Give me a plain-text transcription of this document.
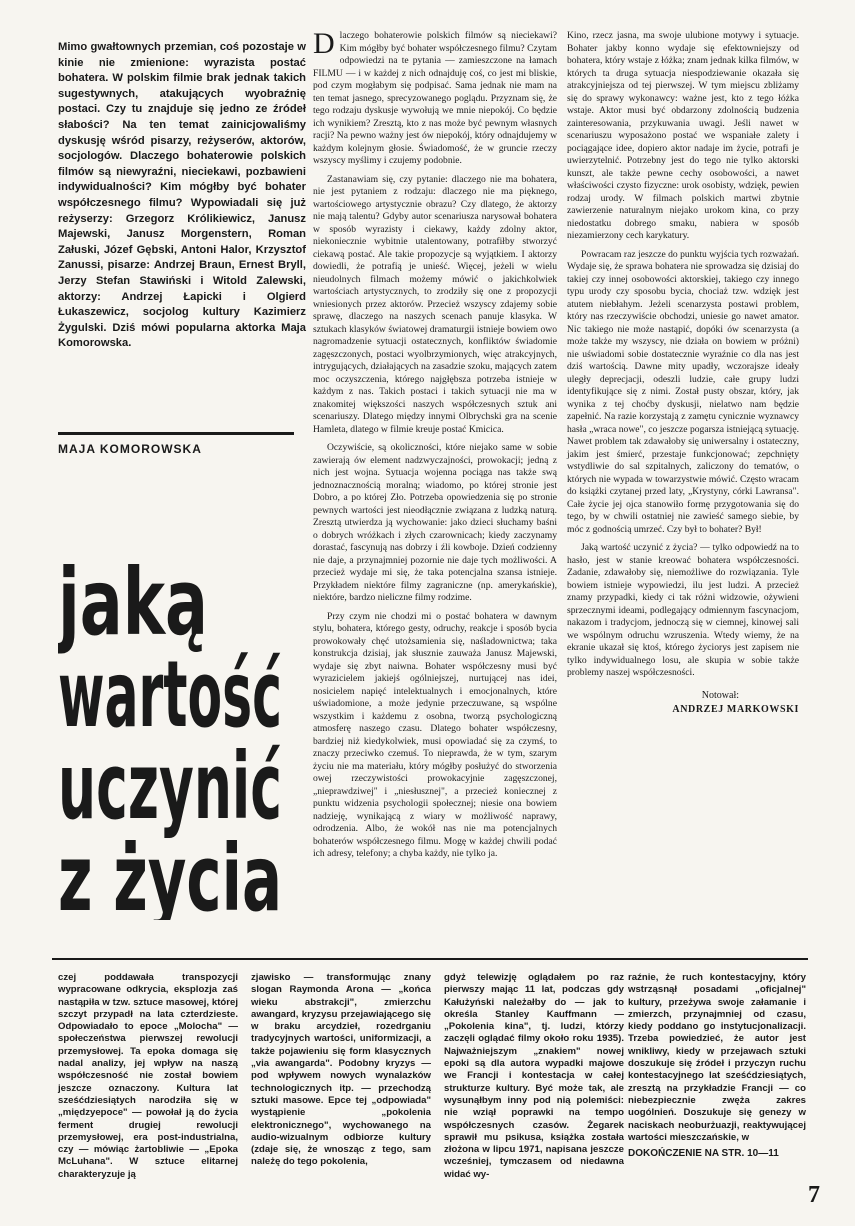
Mimo gwałtownych przemian, coś pozostaje w kinie nie zmienione: wyrazista postać bohatera. W polskim filmie brak jednak takich sugestywnych, atakujących wyobraźnię postaci. Czy tu znajduje się jedno ze źródeł słabości? Na ten temat zainicjowaliśmy dyskusję wśród pisarzy, reżyserów, aktorów, socjologów. Dlaczego bohaterowie polskich filmów są niewyraźni, nieciekawi, pozbawieni indywidualności? Kim mógłby być bohater współczesnego filmu? Wypowiadali się już reżyserzy: Grzegorz Królikiewicz, Janusz Majewski, Janusz Morgenstern, Roman Załuski, Józef Gębski, Antoni Halor, Krzysztof Zanussi, pisarze: Andrzej Braun, Ernest Bryll, Jerzy Stefan Stawiński i Witold Zalewski, aktorzy: Andrzej Łapicki i Olgierd Łukaszewicz, socjolog kultury Kazimierz Żygulski. Dziś mówi popularna aktorka Maja Komorowska.
MAJA KOMOROWSKA
jaką
wartość
uczynić
z życia

Dlaczego bohaterowie polskich filmów są nieciekawi? Kim mógłby być bohater współczesnego filmu? Czytam odpowiedzi na te pytania — zamieszczone na łamach FILMU — i w każdej z nich odnajduję coś, co jest mi bliskie, pod czym mogłabym się podpisać. Sama jednak nie mam na ten temat jasnego, sprecyzowanego poglądu. Przyznam się, że tego rodzaju dyskusje wywołują we mnie niepokój. Co będzie ich wynikiem? Zresztą, kto z nas może być pewnym własnych racji? Na pewno ważny jest ów niepokój, który odnajdujemy w każdym kolejnym głosie. Świadomość, że w gruncie rzeczy wszyscy myślimy i czujemy podobnie.

Zastanawiam się, czy pytanie: dlaczego nie ma bohatera, nie jest pytaniem z rodzaju: dlaczego nie ma pięknego, wartościowego artystycznie obrazu? Czy dlatego, że aktorzy nie mają talentu? Gdyby autor scenariusza narysował bohatera w sposób wyrazisty i ciekawy, każdy zdolny aktor, niekoniecznie wybitnie utalentowany, potrafiłby stworzyć ciekawą postać. Ale takie propozycje są wyjątkiem. I aktorzy dowiedli, że potrafią je unieść. Więcej, jeżeli w wielu nieudolnych filmach możemy mówić o jakichkolwiek wartościach artystycznych, to zrodziły się one z propozycji wniesionych przez aktorów. Przecież wszyscy zdajemy sobie sprawę, dlaczego na naszych scenach panuje klasyka. W sztukach klasyków światowej dramaturgii istnieje bowiem owo nagromadzenie sytuacji ostatecznych, konfliktów świadomie zagęszczonych, postaci wyolbrzymionych, więc atrakcyjnych, intrygujących, działających na zasadzie szoku, mających zatem moc oczyszczenia, którego najgłębsza potrzeba istnieje w każdym z nas. Takich postaci i takich sytuacji nie ma w znakomitej większości naszych współczesnych sztuk ani scenariuszy. Dlatego między innymi Olbrychski gra na scenie Hamleta, dlatego w filmie kreuje postać Kmicica.

Oczywiście, są okoliczności, które niejako same w sobie zawierają ów element nadzwyczajności, prowokacji; jedną z nich jest wojna. Sytuacja wojenna pociąga nas także swą jednoznacznością moralną; wiadomo, po której stronie jest Dobro, a po której Zło. Potrzeba opowiedzenia się po stronie pewnych wartości jest nieodłącznie związana z ludzką naturą. Zresztą utwierdza ją wychowanie: jako dzieci słuchamy baśni o dobrych wróżkach i złych czarownicach; kiedy zaczynamy dorastać, fascynują nas dobrzy i źli kowboje. Dzień codzienny nie daje, a przynajmniej pozornie nie daje tych możliwości. A przecież wydaje mi się, że taka potencjalna szansa istnieje. Przykładem niektóre filmy zagraniczne (np. amerykańskie), niektóre, bardzo nieliczne filmy rodzime.

Przy czym nie chodzi mi o postać bohatera w dawnym stylu, bohatera, którego gesty, odruchy, reakcje i sposób bycia prowokowały chęć utożsamienia się, naśladownictwa; taka konstrukcja dzisiaj, jak słusznie zauważa Janusz Majewski, wydaje się zbyt naiwna. Bohater współczesny musi być wyrazicielem jakiejś ogólniejszej, nurtującej nas idei, nosicielem napięć intelektualnych i emocjonalnych, które uświadomione, a może jedynie przeczuwane, są wspólne wszystkim i każdemu z osobna, tworzą psychologiczną atmosferę naszego czasu. Dlatego bohater współczesny, bardziej niż kiedykolwiek, musi opowiadać się za czymś, to znaczy przeciwko czemuś. To nieprawda, że w tym, szarym życiu nie ma materiału, który mógłby posłużyć do stworzenia owej rzeczywistości prowokacyjnie zagęszczonej, „nieprawdziwej" i „niesłusznej", a przecież koniecznej z punktu widzenia psychologii społecznej; niesie ona bowiem nadzieję, wynikającą z wiary w możliwość naprawy, odrodzenia. Albo, że wokół nas nie ma potencjalnych bohaterów współczesnego filmu. Mogę w każdej chwili podać ich adresy, telefony; a chyba każdy, nie tylko ja.

Kino, rzecz jasna, ma swoje ulubione motywy i sytuacje. Bohater jakby konno wydaje się efektowniejszy od bohatera, który wstaje z łóżka; znam jednak kilka filmów, w których ta druga sytuacja niespodziewanie okazała się atrakcyjniejsza od tej pierwszej. W tym miejscu zbliżamy się do sprawy wykonawcy: ważne jest, kto z tego łóżka wstaje. Aktor musi być obdarzony zdolnością budzenia zainteresowania, przykuwania uwagi. Jeśli nawet w scenariuszu wyposażono postać we wspaniałe zalety i pociągające idee, dopiero aktor nadaje im życie, potrafi je uwierzytelnić. Potrzebny jest do tego nie tylko aktorski kunszt, ale także pewne cechy osobowości, a nawet właściwości czysto fizyczne: urok osobisty, wdzięk, pewien rodzaj urody. W filmach polskich martwi zbytnie zawierzenie naturalnym niejako urokom kina, co przy niedostatku dobrego smaku, nabiera w sposób niezamierzony cech karykatury.

Powracam raz jeszcze do punktu wyjścia tych rozważań. Wydaje się, że sprawa bohatera nie sprowadza się dzisiaj do takiej czy innej osobowości aktorskiej, takiego czy innego typu urody czy sposobu bycia, chociaż tzw. wdzięk jest atutem niebłahym. Jeżeli scenarzysta postawi problem, który nas rzeczywiście obchodzi, uniesie go nawet amator. Nic takiego nie może nastąpić, dopóki ów scenarzysta (a może także my wszyscy, nie działa on bowiem w próżni) nie uświadomi sobie dostatecznie wyraźnie co dla nas jest dziś wartością. Dawne mity upadły, wczorajsze ideały uległy deprecjacji, odeszli ludzie, całe grupy ludzi identyfikujące się z nimi. Został pusty obszar, który, jak wynika z tej choćby dyskusji, nielatwo nam będzie zapełnić. Na razie korzystają z zamętu cynicznie wyznawcy hasła „wraca nowe", co jeszcze pogarsza istniejącą sytuację. Nawet problem tak zdawałoby się uniwersalny i ostateczny, jakim jest śmierć, przestaje funkcjonować; zepchnięty wstydliwie do sal szpitalnych, zaliczony do tematów, o których nie wypada w towarzystwie mówić. Często wracam do książki czytanej przed laty, „Krystyny, córki Lawransa". Całe życie jej ojca stanowiło formę przygotowania się do tego, by w chwili ostatniej nie zawieść samego siebie, by móc z godnością umrzeć. Czy był to bohater? Był!

Jaką wartość uczynić z życia? — tylko odpowiedź na to hasło, jest w stanie kreować bohatera współczesności. Zadanie, zdawałoby się, niemożliwe do rozwiązania. Tyle bowiem istnieje wypowiedzi, ilu jest ludzi. A przecież znamy przypadki, kiedy ci tak różni widzowie, ożywieni sprzecznymi ideami, podlegający odmiennym fascynacjom, nakazom i tradycjom, jednoczą się w ciemnej, kinowej sali we wspólnym odruchu wzruszenia. Wtedy wiemy, że na ekranie ukazał się ktoś, którego życiorys jest zapisem nie tylko indywidualnego losu, ale skupia w sobie także problemy naszej współczesności.

Notował:
ANDRZEJ MARKOWSKI
czej poddawała transpozycji wypracowane odkrycia, eksplozja zaś nastąpiła w tzw. sztuce masowej, której szczyt przypadł na lata czterdzieste. Odpowiadało to epoce „Molocha" — społeczeństwa pierwszej rewolucji przemysłowej. Ta epoka domaga się nadal analizy, jej wpływ na naszą współczesność nie został bowiem jeszcze oznaczony. Kultura lat sześćdziesiątych narodziła się w „międzyepoce" — powołał ją do życia ferment drugiej rewolucji przemysłowej, era post-industrialna, czy — mówiąc żartobliwie — „Epoka McLuhana". W sztuce elitarnej charakteryzuje ją
zjawisko — transformując znany slogan Raymonda Arona — „końca wieku abstrakcji", zmierzchu awangard, kryzysu przejawiającego się w braku arcydzieł, rozedrganiu tradycyjnych wartości, uniformizacji, a także pojawieniu się form klasycznych „via awangarda". Podobny kryzys — pod wpływem nowych wynalazków technologicznych itp. — przechodzą sztuki masowe. Epce tej „odpowiada" wystąpienie „pokolenia elektronicznego", wychowanego na audio-wizualnym odbiorze kultury (zdaje się, że wnosząc z tego, sam należę do tego pokolenia,
gdyż telewizję oglądałem po raz pierwszy mając 11 lat, podczas gdy Kałużyński należałby do — jak to określa Stanley Kauffmann — „Pokolenia kina", tj. ludzi, którzy zaczęli oglądać filmy około roku 1935). Najważniejszym „znakiem" nowej epoki są dla autora wypadki majowe we Francji i kontestacja w całej strukturze kultury. Być może tak, ale wysunąłbym inny pod nią polemiści: nie wziął poprawki na tempo współczesnych czasów. Żegarek sprawił mu psikusa, książka została złożona w lipcu 1971, napisana jeszcze wcześniej, tymczasem od niedawna widać wy-
raźnie, że ruch kontestacyjny, który wstrząsnął posadami „oficjalnej" kultury, przeżywa swoje załamanie i zmierzch, przynajmniej od czasu, kiedy poddano go instytucjonalizacji. Trzeba powiedzieć, że autor jest wnikliwy, kiedy w przejawach sztuki doszukuje się źródeł i przyczyn ruchu kontestacyjnego lat sześćdziesiątych, zresztą na przykładzie Francji — co niebezpiecznie zwęża zakres uogólnień. Doszukuje się genezy w naciskach neoburżuazji, reaktywującej wartości mieszczańskie, w
DOKOŃCZENIE NA STR. 10—11
7
